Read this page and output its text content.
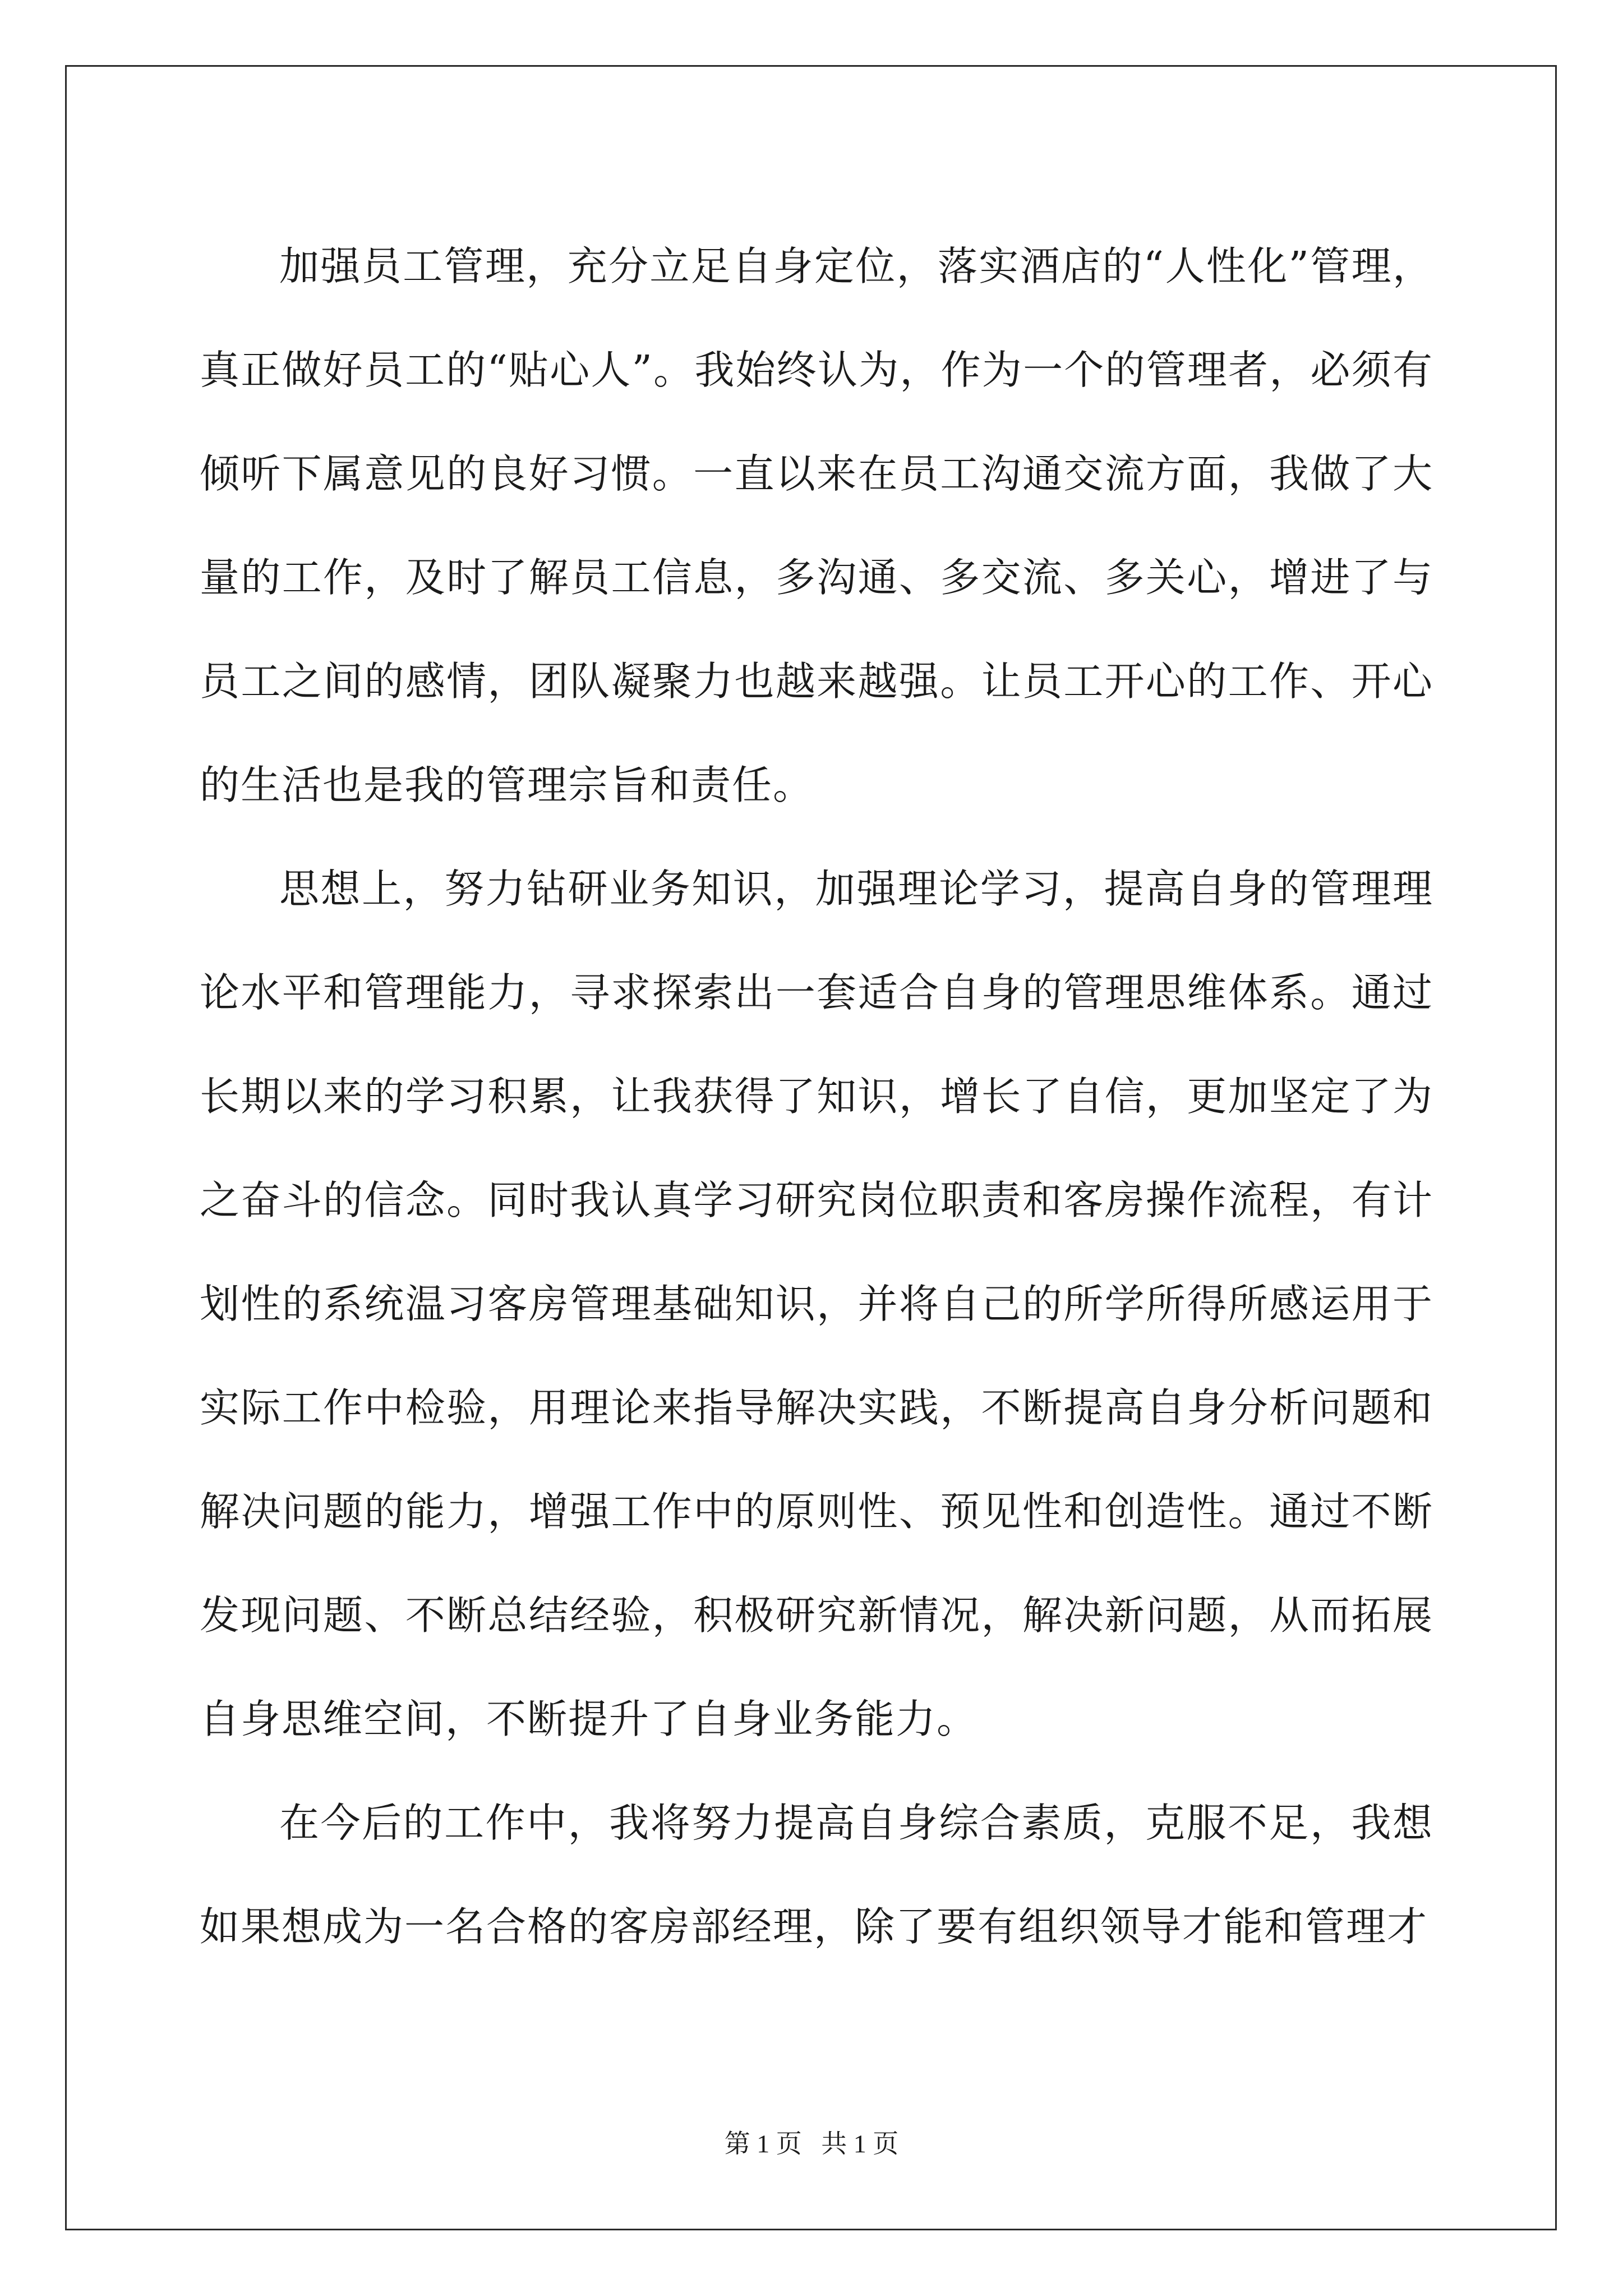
加强员工管理，充分立足自身定位，落实酒店的“人性化”管理，真正做好员工的“贴心人”。我始终认为，作为一个的管理者，必须有倾听下属意见的良好习惯。一直以来在员工沟通交流方面，我做了大量的工作，及时了解员工信息，多沟通、多交流、多关心，增进了与员工之间的感情，团队凝聚力也越来越强。让员工开心的工作、开心的生活也是我的管理宗旨和责任。

思想上，努力钻研业务知识，加强理论学习，提高自身的管理理论水平和管理能力，寻求探索出一套适合自身的管理思维体系。通过长期以来的学习积累，让我获得了知识，增长了自信，更加坚定了为之奋斗的信念。同时我认真学习研究岗位职责和客房操作流程，有计划性的系统温习客房管理基础知识，并将自己的所学所得所感运用于实际工作中检验，用理论来指导解决实践，不断提高自身分析问题和解决问题的能力，增强工作中的原则性、预见性和创造性。通过不断发现问题、不断总结经验，积极研究新情况，解决新问题，从而拓展自身思维空间，不断提升了自身业务能力。

在今后的工作中，我将努力提高自身综合素质，克服不足，我想如果想成为一名合格的客房部经理，除了要有组织领导才能和管理才

第 1 页   共 1 页
